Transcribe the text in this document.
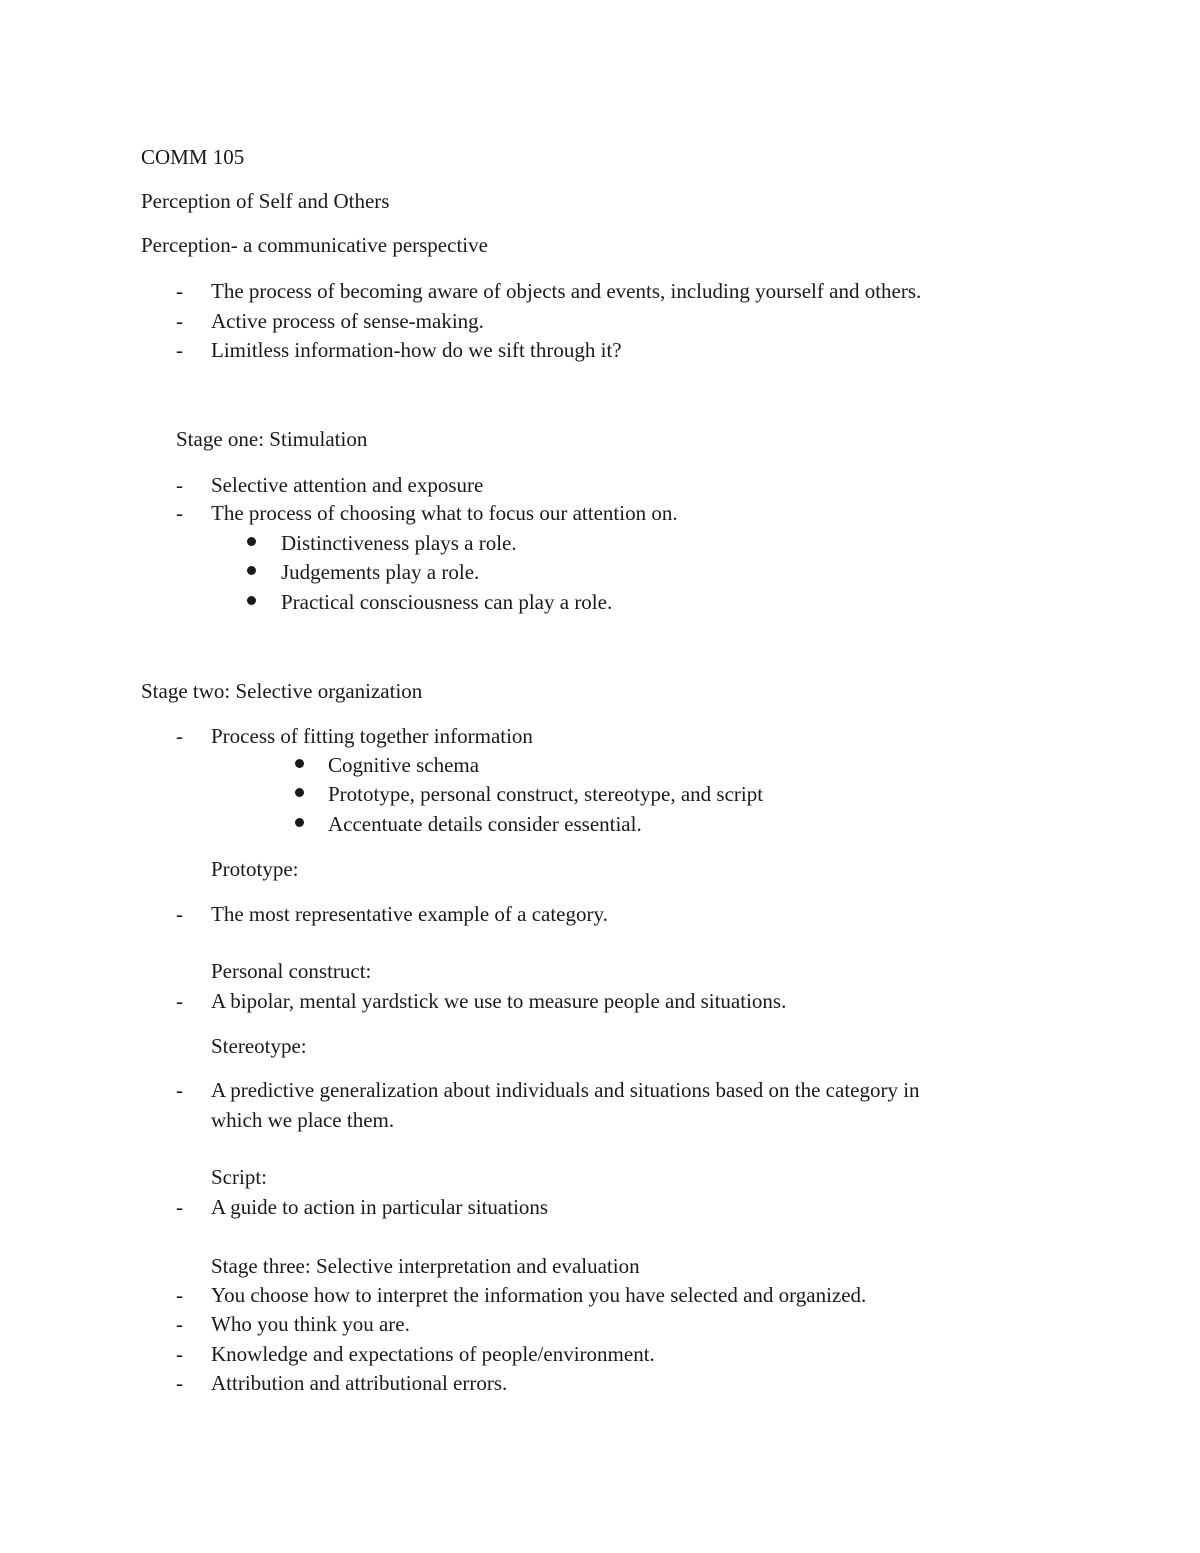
COMM 105
Perception of Self and Others
Perception- a communicative perspective
- The process of becoming aware of objects and events, including yourself and others.
- Active process of sense-making.
- Limitless information-how do we sift through it?
Stage one: Stimulation
- Selective attention and exposure
- The process of choosing what to focus our attention on.
Distinctiveness plays a role.
Judgements play a role.
Practical consciousness can play a role.
Stage two: Selective organization
- Process of fitting together information
Cognitive schema
Prototype, personal construct, stereotype, and script
Accentuate details consider essential.
Prototype:
- The most representative example of a category.
Personal construct:
- A bipolar, mental yardstick we use to measure people and situations.
Stereotype:
- A predictive generalization about individuals and situations based on the category in
which we place them.
Script:
- A guide to action in particular situations
Stage three: Selective interpretation and evaluation
- You choose how to interpret the information you have selected and organized.
- Who you think you are.
- Knowledge and expectations of people/environment.
- Attribution and attributional errors.
